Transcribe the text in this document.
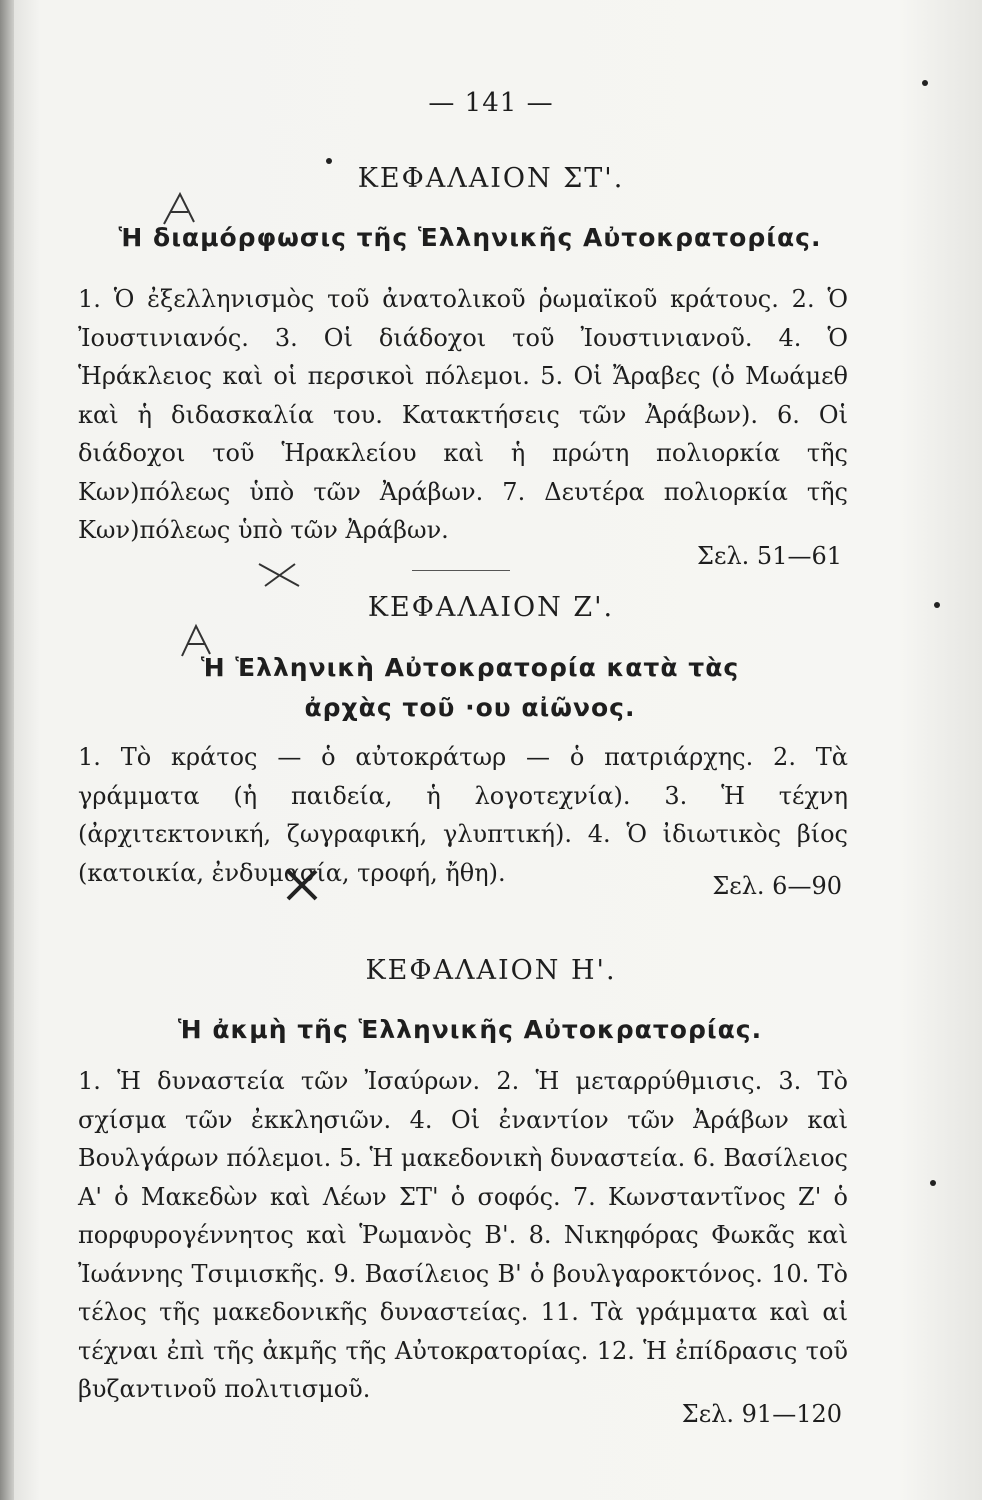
— 141 —
ΚΕΦΑΛΑΙΟΝ ΣΤ'.
Ἡ διαμόρφωσις τῆς Ἑλληνικῆς Αὐτοκρατορίας.
1. Ὁ ἐξελληνισμὸς τοῦ ἀνατολικοῦ ῥωμαϊκοῦ κράτους. 2. Ὁ Ἰουστινιανός. 3. Οἱ διάδοχοι τοῦ Ἰουστινιανοῦ. 4. Ὁ Ἡράκλειος καὶ οἱ περσικοὶ πόλεμοι. 5. Οἱ Ἄραβες (ὁ Μωάμεθ καὶ ἡ διδασκαλία του. Κατακτήσεις τῶν Ἀράβων). 6. Οἱ διάδοχοι τοῦ Ἡρακλείου καὶ ἡ πρώτη πολιορκία τῆς Κων)πόλεως ὑπὸ τῶν Ἀράβων. 7. Δευτέρα πολιορκία τῆς Κων)πόλεως ὑπὸ τῶν Ἀράβων.
Σελ. 51—61
ΚΕΦΑΛΑΙΟΝ Ζ'.
Ἡ Ἑλληνικὴ Αὐτοκρατορία κατὰ τὰς
ἀρχὰς τοῦ ·ου αἰῶνος.
1. Τὸ κράτος — ὁ αὐτοκράτωρ — ὁ πατριάρχης. 2. Τὰ γράμματα (ἡ παιδεία, ἡ λογοτεχνία). 3. Ἡ τέχνη (ἀρχιτεκτονική, ζωγραφική, γλυπτική). 4. Ὁ ἰδιωτικὸς βίος (κατοικία, ἐνδυμασία, τροφή, ἤθη).	Σελ. 6—90
ΚΕΦΑΛΑΙΟΝ Η'.
Ἡ ἀκμὴ τῆς Ἑλληνικῆς Αὐτοκρατορίας.
1. Ἡ δυναστεία τῶν Ἰσαύρων. 2. Ἡ μεταρρύθμισις. 3. Τὸ σχίσμα τῶν ἐκκλησιῶν. 4. Οἱ ἐναντίον τῶν Ἀράβων καὶ Βουλγάρων πόλεμοι. 5. Ἡ μακεδονικὴ δυναστεία. 6. Βασίλειος Α' ὁ Μακεδὼν καὶ Λέων ΣΤ' ὁ σοφός. 7. Κωνσταντῖνος Ζ' ὁ πορφυρογέννητος καὶ Ῥωμανὸς Β'. 8. Νικηφόρας Φωκᾶς καὶ Ἰωάννης Τσιμισκῆς. 9. Βασίλειος Β' ὁ βουλγαροκτόνος. 10. Τὸ τέλος τῆς μακεδονικῆς δυναστείας. 11. Τὰ γράμματα καὶ αἱ τέχναι ἐπὶ τῆς ἀκμῆς τῆς Αὐτοκρατορίας. 12. Ἡ ἐπίδρασις τοῦ βυζαντινοῦ πολιτισμοῦ.
Σελ. 91—120
